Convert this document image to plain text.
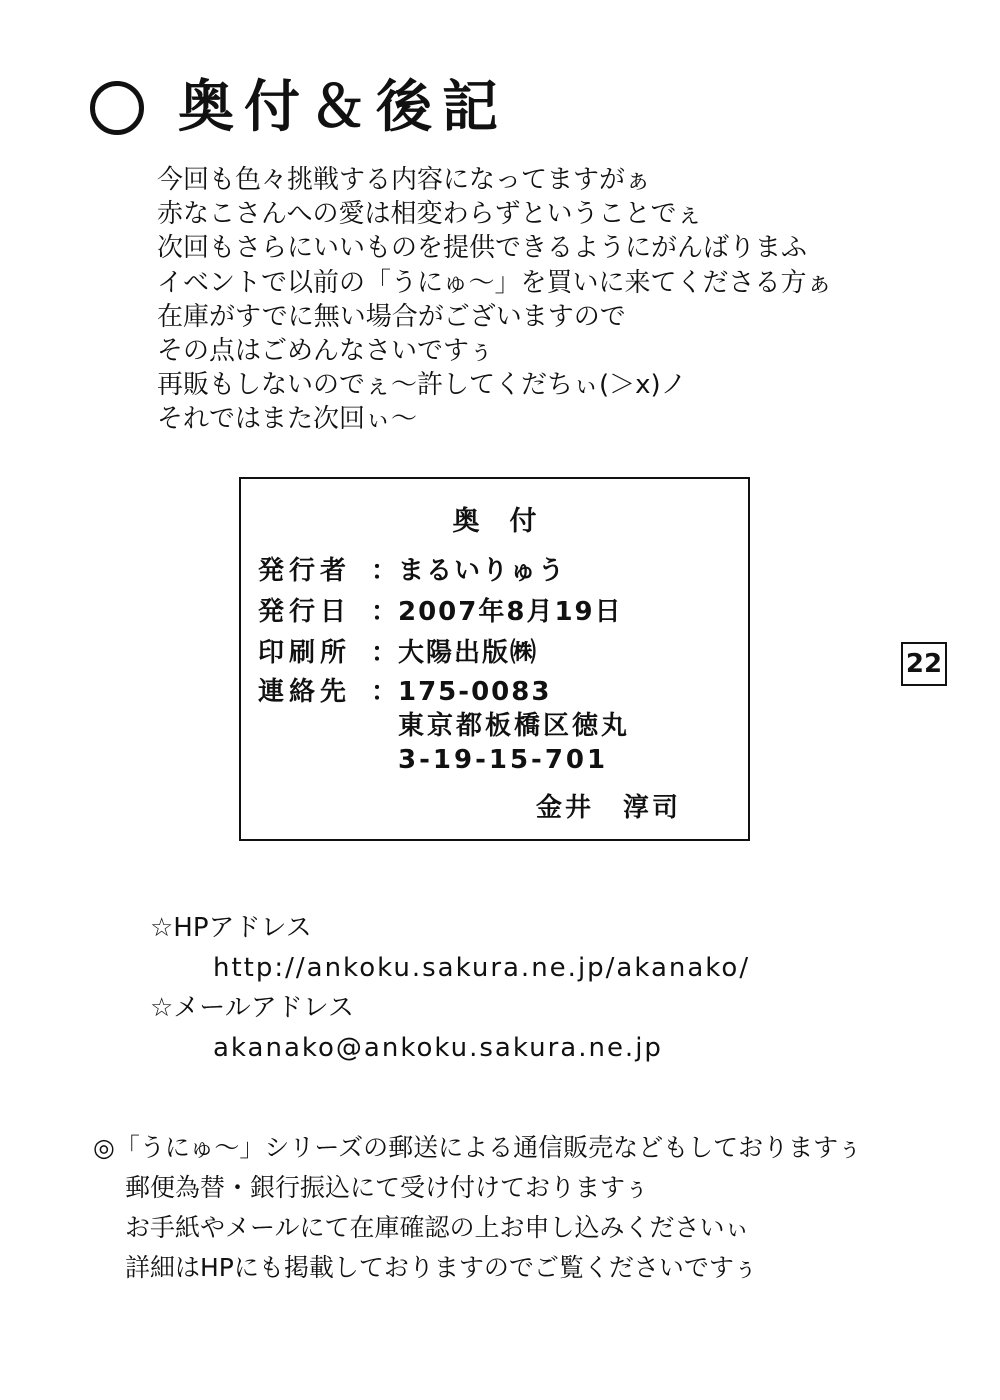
奥付＆後記
今回も色々挑戦する内容になってますがぁ
赤なこさんへの愛は相変わらずということでぇ
次回もさらにいいものを提供できるようにがんばりまふ
イベントで以前の「うにゅ～」を買いに来てくださる方ぁ
在庫がすでに無い場合がございますので
その点はごめんなさいですぅ
再販もしないのでぇ～許してくだちぃ(＞x)ノ
それではまた次回ぃ～
奥付
発行者 ： まるいりゅう
発行日 ： 2007年8月19日
印刷所 ： 大陽出版㈱
連絡先 ： 175-0083
東京都板橋区徳丸
3-19-15-701
金井　淳司
22
☆HPアドレス
http://ankoku.sakura.ne.jp/akanako/
☆メールアドレス
akanako@ankoku.sakura.ne.jp
◎「うにゅ～」シリーズの郵送による通信販売などもしておりますぅ
郵便為替・銀行振込にて受け付けておりますぅ
お手紙やメールにて在庫確認の上お申し込みくださいぃ
詳細はHPにも掲載しておりますのでご覧くださいですぅ
